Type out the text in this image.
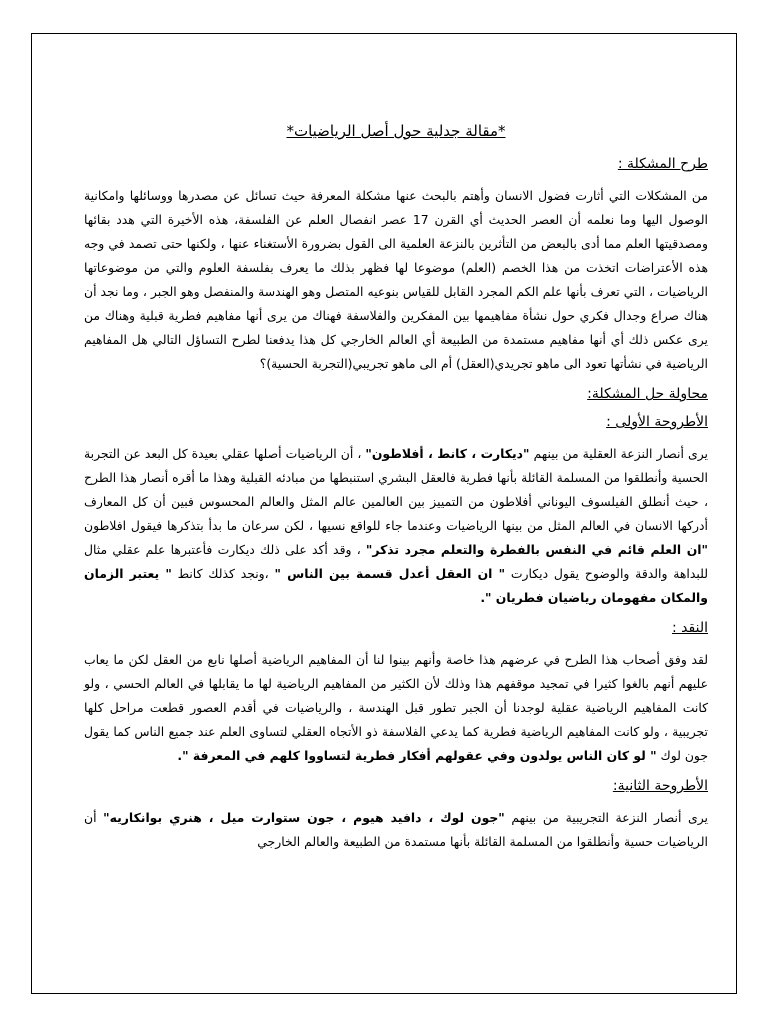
*مقالة جدلية حول أصل الرياضيات*
طرح المشكلة :

من المشكلات التي أثارت فضول الانسان وأهتم بالبحث عنها مشكلة المعرفة حيث تسائل عن مصدرها ووسائلها وامكانية الوصول اليها وما نعلمه أن العصر الحديث أي القرن 17 عصر انفصال العلم عن الفلسفة، هذه الأخيرة التي هدد بقائها ومصدقيتها العلم مما أدى بالبعض من التأثرين بالنزعة العلمية الى القول بضرورة الأستغناء عنها ، ولكنها حتى تصمد في وجه هذه الأعتراضات اتخذت من هذا الخصم (العلم) موضوعا لها فظهر بذلك ما يعرف بفلسفة العلوم والتي من موضوعاتها الرياضيات ، التي تعرف بأنها علم الكم المجرد القابل للقياس بنوعيه المتصل وهو الهندسة والمنفصل وهو الجبر ، وما نجد أن هناك صراع وجدال فكري حول نشأة مفاهيمها بين المفكرين والفلاسفة فهناك من يرى أنها مفاهيم فطرية قبلية وهناك من يرى عكس ذلك أي أنها مفاهيم مستمدة من الطبيعة أي العالم الخارجي كل هذا يدفعنا لطرح التساؤل التالي هل المفاهيم الرياضية في نشأتها تعود الى ماهو تجريدي(العقل) أم الى ماهو تجريبي(التجربة الحسية)؟

محاولة حل المشكلة:
الأطروحة الأولى :

يرى أنصار النزعة العقلية من بينهم "ديكارت ، كانط ، أفلاطون" ، أن الرياضيات أصلها عقلي بعيدة كل البعد عن التجربة الحسية وأنطلقوا من المسلمة القائلة بأنها فطرية فالعقل البشري استنبطها من مبادئه القبلية وهذا ما أقره أنصار هذا الطرح ، حيث أنطلق الفيلسوف اليوناني أفلاطون من التمييز بين العالمين عالم المثل والعالم المحسوس فبين أن كل المعارف أدركها الانسان في العالم المثل من بينها الرياضيات وعندما جاء للواقع نسيها ، لكن سرعان ما بدأ بتذكرها فيقول افلاطون "ان العلم قائم في النفس بالفطرة والتعلم مجرد تذكر" ، وقد أكد على ذلك ديكارت فأعتبرها علم عقلي مثال للبداهة والدقة والوضوح يقول ديكارت " ان العقل أعدل قسمة بين الناس " ،ونجد كذلك كانط " يعتبر الزمان والمكان مفهومان رياضيان فطريان ".

النقد :

لقد وفق أصحاب هذا الطرح في عرضهم هذا خاصة وأنهم بينوا لنا أن المفاهيم الرياضية أصلها نابع من العقل لكن ما يعاب عليهم أنهم بالغوا كثيرا في تمجيد موقفهم هذا وذلك لأن الكثير من المفاهيم الرياضية لها ما يقابلها في العالم الحسي ، ولو كانت المفاهيم الرياضية عقلية لوجدنا أن الجبر تطور قبل الهندسة ، والرياضيات في أقدم العصور قطعت مراحل كلها تجريبية ، ولو كانت المفاهيم الرياضية فطرية كما يدعي الفلاسفة ذو الأتجاه العقلي لتساوى العلم عند جميع الناس كما يقول جون لوك " لو كان الناس يولدون وفي عقولهم أفكار فطرية لتساووا كلهم في المعرفة ".

الأطروحة الثانية:

يرى أنصار النزعة التجريبية من بينهم "جون لوك ، دافيد هيوم ، جون ستوارت ميل ، هنري بوانكاريه" أن الرياضيات حسية وأنطلقوا من المسلمة القائلة بأنها مستمدة من الطبيعة والعالم الخارجي
